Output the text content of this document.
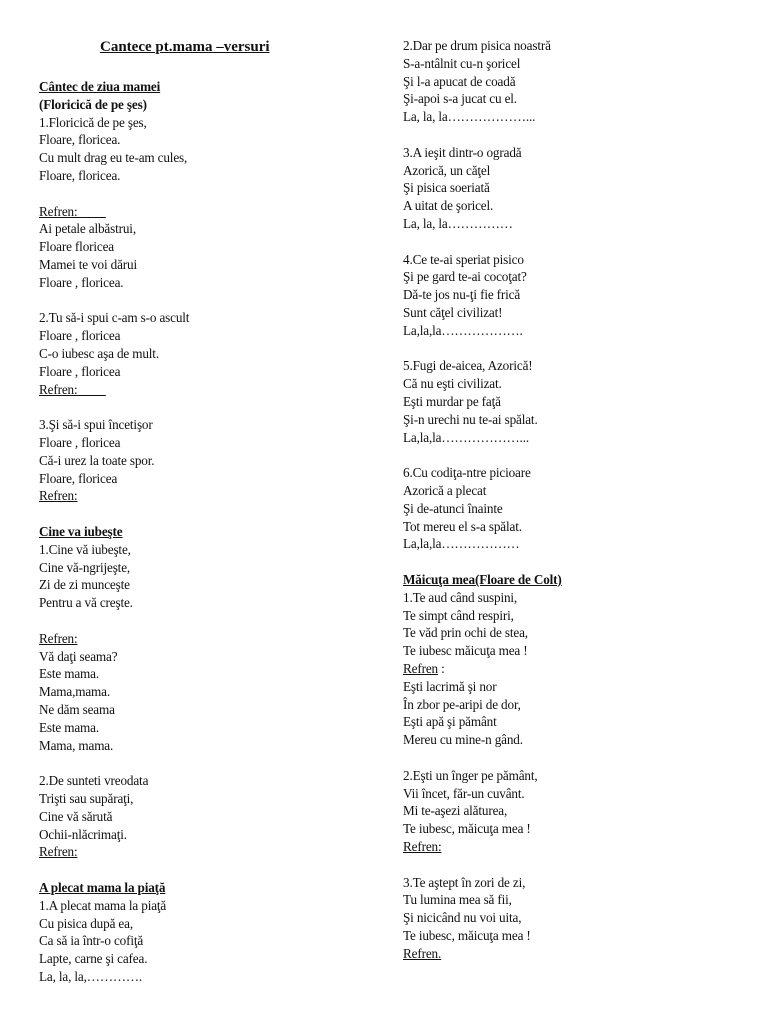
Cantece pt.mama –versuri
Cântec de ziua mamei
(Floricică de pe şes)
1.Floricică de pe şes,
Floare, floricea.
Cu mult drag eu te-am cules,
Floare, floricea.
Refren:
Ai petale albăstrui,
Floare floricea
Mamei te voi dărui
Floare , floricea.
2.Tu să-i spui c-am s-o ascult
Floare , floricea
C-o iubesc aşa de mult.
Floare , floricea
Refren:
3.Şi să-i spui încetişor
Floare , floricea
Că-i urez la toate spor.
Floare, floricea
Refren:
Cine va iubeşte
1.Cine vă iubeşte,
Cine vă-ngrijeşte,
Zi de zi munceşte
Pentru a vă creşte.
Refren:
Vă daţi seama?
Este mama.
Mama,mama.
Ne dăm seama
Este mama.
Mama, mama.
2.De sunteti vreodata
Trişti sau supăraţi,
Cine vă sărută
Ochii-nlăcrimaţi.
Refren:
A plecat mama la piaţă
1.A plecat mama la piaţă
Cu pisica după ea,
Ca să ia într-o cofiţă
Lapte, carne şi cafea.
La, la, la,………….
2.Dar pe drum pisica noastră
S-a-ntâlnit cu-n şoricel
Şi l-a apucat de coadă
Şi-apoi s-a jucat cu el.
La, la, la………………...
3.A ieşit dintr-o ogradă
Azorică, un căţel
Şi pisica soeriată
A uitat de şoricel.
La, la, la……………
4.Ce te-ai speriat pisico
Şi pe gard te-ai cocoţat?
Dă-te jos nu-ţi fie frică
Sunt căţel civilizat!
La,la,la……………….
5.Fugi de-aicea, Azorică!
Că nu eşti civilizat.
Eşti murdar pe faţă
Şi-n urechi nu te-ai spălat.
La,la,la………………...
6.Cu codiţa-ntre picioare
Azorică a plecat
Şi de-atunci înainte
Tot mereu el s-a spălat.
La,la,la………………
Măicuţa mea(Floare de Colt)
1.Te aud când suspini,
Te simpt când respiri,
Te văd prin ochi de stea,
Te iubesc măicuţa mea !
Refren :
Eşti lacrimă şi nor
În zbor pe-aripi de dor,
Eşti apă şi pământ
Mereu cu mine-n gând.
2.Eşti un înger pe pământ,
Vii încet, făr-un cuvânt.
Mi te-aşezi alăturea,
Te iubesc, măicuţa mea !
Refren:
3.Te aştept în zori de zi,
Tu lumina mea să fii,
Şi nicicând nu voi uita,
Te iubesc, măicuţa mea !
Refren.
